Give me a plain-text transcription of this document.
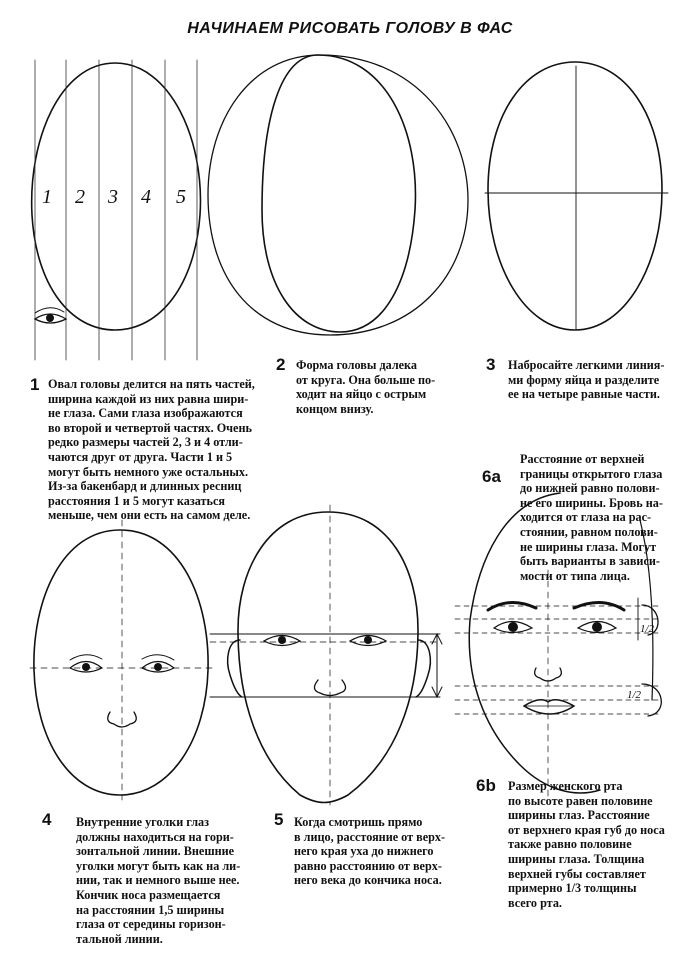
НАЧИНАЕМ РИСОВАТЬ ГОЛОВУ В ФАС
1 2 3 4 5
1/2
1/2
1 Овал головы делится на пять частей,
ширина каждой из них равна шири-
не глаза. Сами глаза изображаются
во второй и четвертой частях. Очень
редко размеры частей 2, 3 и 4 отли-
чаются друг от друга. Части 1 и 5
могут быть немного уже остальных.
Из-за бакенбард и длинных ресниц
расстояния 1 и 5 могут казаться
меньше, чем они есть на самом деле.
2 Форма головы далека
от круга. Она больше по-
ходит на яйцо с острым
концом внизу.
3 Набросайте легкими линия-
ми форму яйца и разделите
ее на четыре равные части.
6a
Расстояние от верхней
границы открытого глаза
до нижней равно полови-
не его ширины. Бровь на-
ходится от глаза на рас-
стоянии, равном полови-
не ширины глаза. Могут
быть варианты в зависи-
мости от типа лица.
4 Внутренние уголки глаз
должны находиться на гори-
зонтальной линии. Внешние
уголки могут быть как на ли-
нии, так и немного выше нее.
Кончик носа размещается
на расстоянии 1,5 ширины
глаза от середины горизон-
тальной линии.
5 Когда смотришь прямо
в лицо, расстояние от верх-
него края уха до нижнего
равно расстоянию от верх-
него века до кончика носа.
6b Размер женского рта
по высоте равен половине
ширины глаз. Расстояние
от верхнего края губ до носа
также равно половине
ширины глаза. Толщина
верхней губы составляет
примерно 1/3 толщины
всего рта.
